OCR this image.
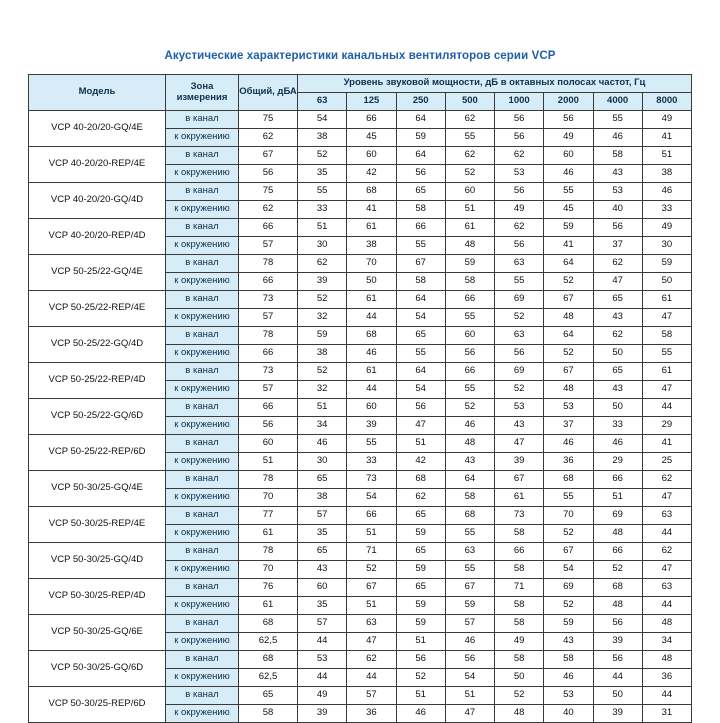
Акустические характеристики канальных вентиляторов серии VCP
Модель	Зона измерения	Общий, дБА	Уровень звуковой мощности, дБ в октавных полосах частот, Гц							
			63	125	250	500	1000	2000	4000	8000
VCP 40-20/20-GQ/4E	в канал	75	54	66	64	62	56	56	55	49
	к окружению	62	38	45	59	55	56	49	46	41
VCP 40-20/20-REP/4E	в канал	67	52	60	64	62	62	60	58	51
	к окружению	56	35	42	56	52	53	46	43	38
VCP 40-20/20-GQ/4D	в канал	75	55	68	65	60	56	55	53	46
	к окружению	62	33	41	58	51	49	45	40	33
VCP 40-20/20-REP/4D	в канал	66	51	61	66	61	62	59	56	49
	к окружению	57	30	38	55	48	56	41	37	30
VCP 50-25/22-GQ/4E	в канал	78	62	70	67	59	63	64	62	59
	к окружению	66	39	50	58	58	55	52	47	50
VCP 50-25/22-REP/4E	в канал	73	52	61	64	66	69	67	65	61
	к окружению	57	32	44	54	55	52	48	43	47
VCP 50-25/22-GQ/4D	в канал	78	59	68	65	60	63	64	62	58
	к окружению	66	38	46	55	56	56	52	50	55
VCP 50-25/22-REP/4D	в канал	73	52	61	64	66	69	67	65	61
	к окружению	57	32	44	54	55	52	48	43	47
VCP 50-25/22-GQ/6D	в канал	66	51	60	56	52	53	53	50	44
	к окружению	56	34	39	47	46	43	37	33	29
VCP 50-25/22-REP/6D	в канал	60	46	55	51	48	47	46	46	41
	к окружению	51	30	33	42	43	39	36	29	25
VCP 50-30/25-GQ/4E	в канал	78	65	73	68	64	67	68	66	62
	к окружению	70	38	54	62	58	61	55	51	47
VCP 50-30/25-REP/4E	в канал	77	57	66	65	68	73	70	69	63
	к окружению	61	35	51	59	55	58	52	48	44
VCP 50-30/25-GQ/4D	в канал	78	65	71	65	63	66	67	66	62
	к окружению	70	43	52	59	55	58	54	52	47
VCP 50-30/25-REP/4D	в канал	76	60	67	65	67	71	69	68	63
	к окружению	61	35	51	59	59	58	52	48	44
VCP 50-30/25-GQ/6E	в канал	68	57	63	59	57	58	59	56	48
	к окружению	62,5	44	47	51	46	49	43	39	34
VCP 50-30/25-GQ/6D	в канал	68	53	62	56	56	58	58	56	48
	к окружению	62,5	44	44	52	54	50	46	44	36
VCP 50-30/25-REP/6D	в канал	65	49	57	51	51	52	53	50	44
	к окружению	58	39	36	46	47	48	40	39	31
